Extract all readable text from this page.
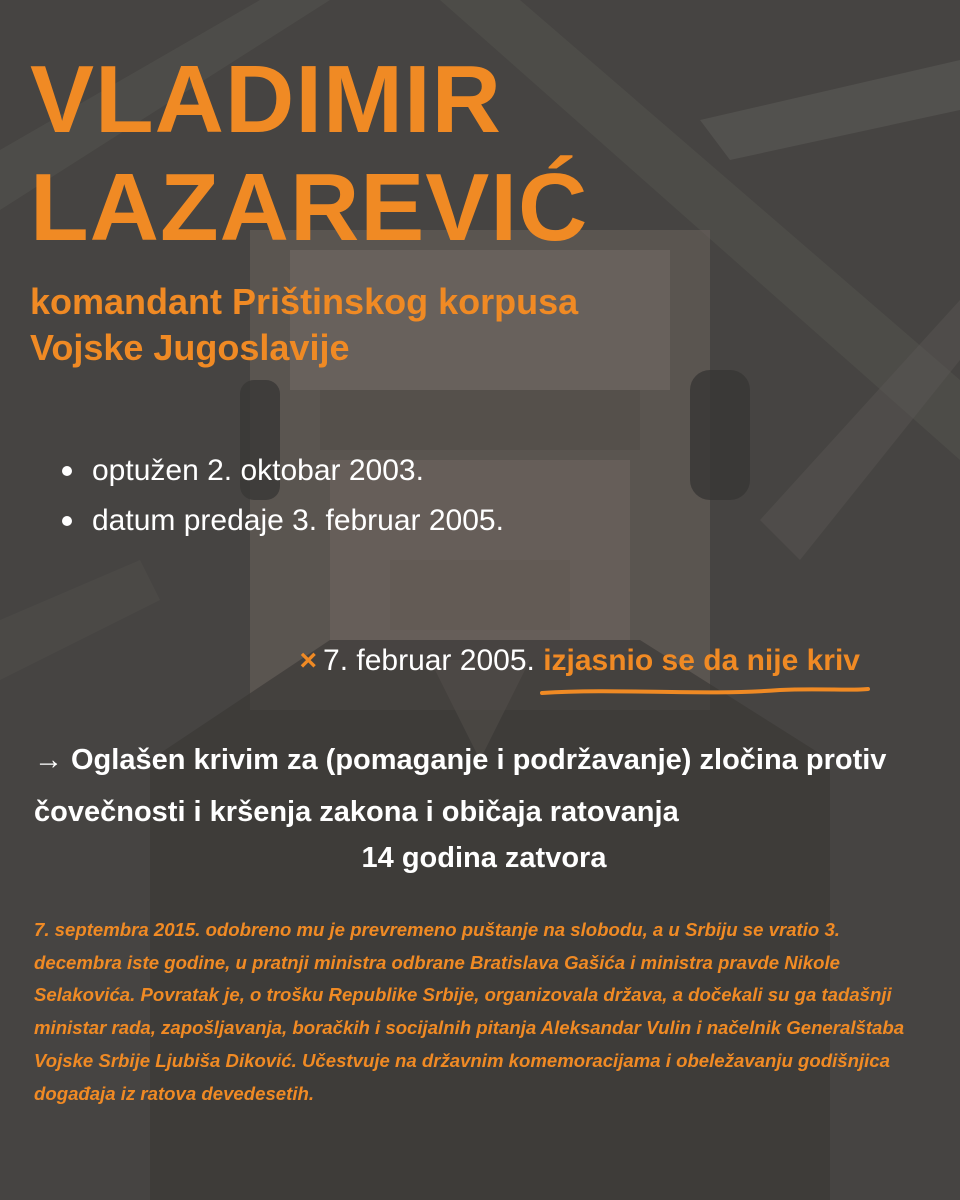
VLADIMIR
LAZAREVIĆ
komandant Prištinskog korpusa
Vojske Jugoslavije
optužen 2. oktobar 2003.
datum predaje 3. februar 2005.
× 7. februar 2005. izjasnio se da nije kriv

→ Oglašen krivim za (pomaganje i podržavanje) zločina protiv čovečnosti i kršenja zakona i običaja ratovanja

14 godina zatvora

7. septembra 2015. odobreno mu je prevremeno puštanje na slobodu, a u Srbiju se vratio 3. decembra iste godine, u pratnji ministra odbrane Bratislava Gašića i ministra pravde Nikole Selakovića. Povratak je, o trošku Republike Srbije, organizovala država, a dočekali su ga tadašnji ministar rada, zapošljavanja, boračkih i socijalnih pitanja Aleksandar Vulin i načelnik Generalštaba Vojske Srbije Ljubiša Diković. Učestvuje na državnim komemoracijama i obeležavanju godišnjica događaja iz ratova devedesetih.
